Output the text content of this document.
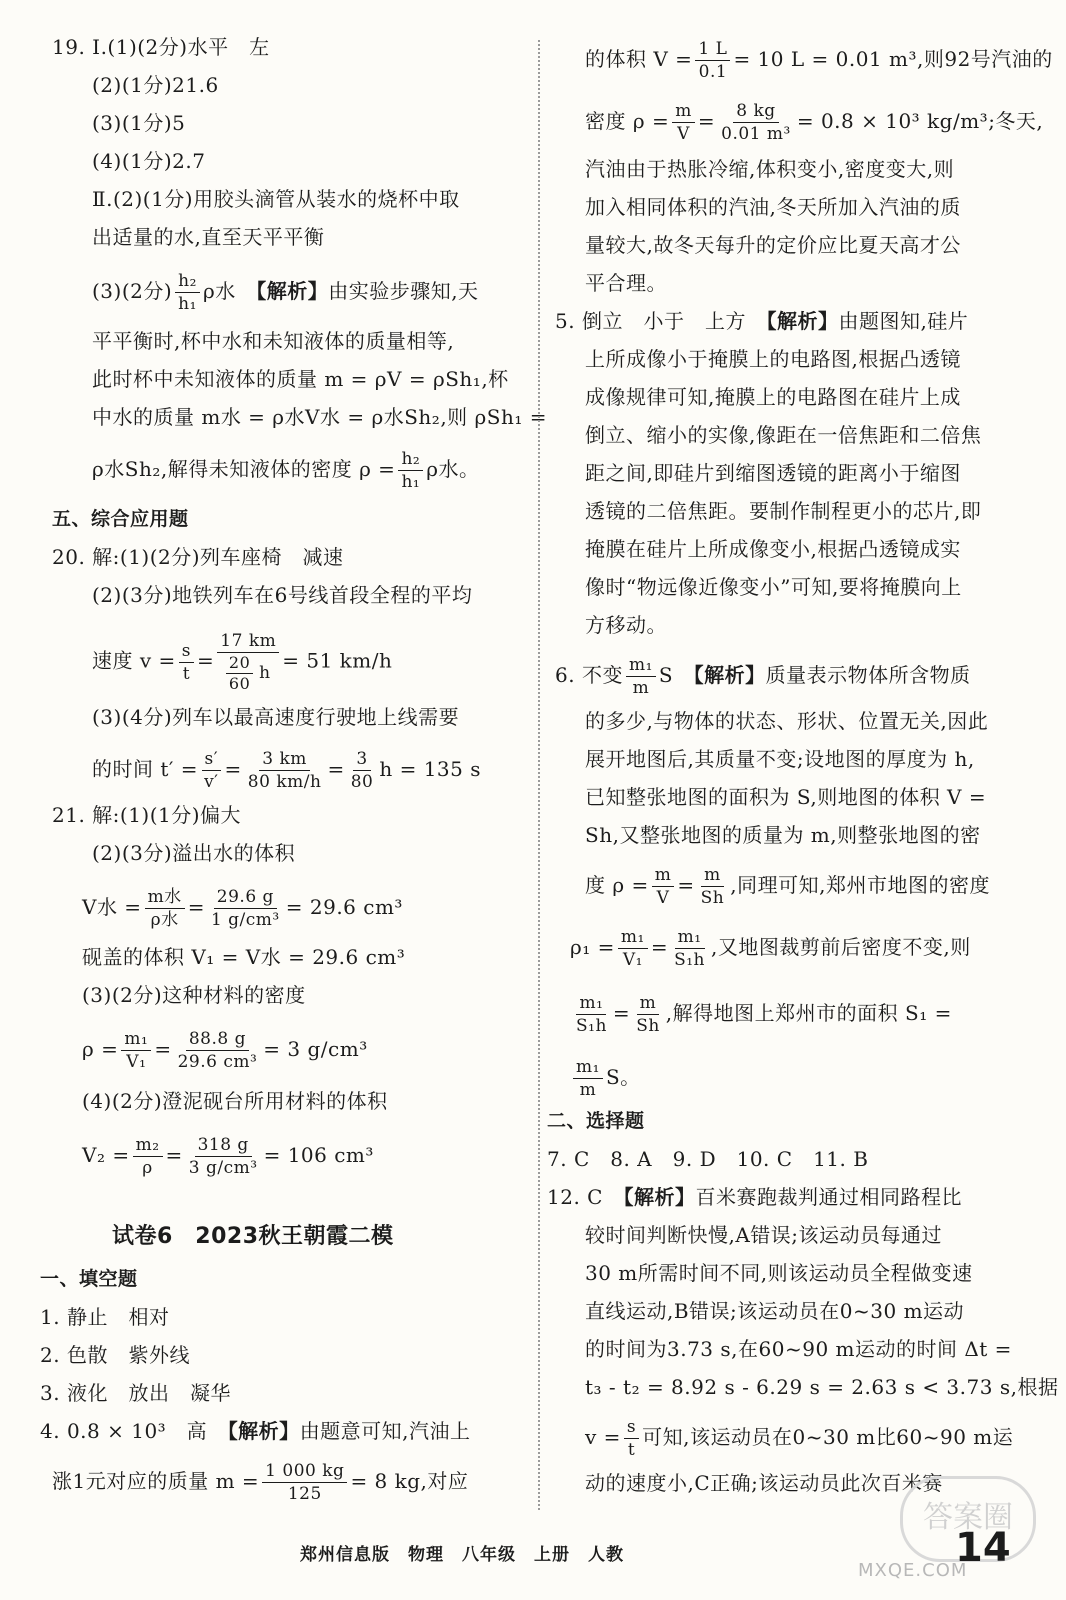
19. Ⅰ.(1)(2分)水平　左
(2)(1分)21.6
(3)(1分)5
(4)(1分)2.7
Ⅱ.(2)(1分)用胶头滴管从装水的烧杯中取
出适量的水,直至天平平衡
(3)(2分) $\frac{\text{h₂}}{\text{h₁}}$ ρ水　 【解析】由实验步骤知,天
平平衡时,杯中水和未知液体的质量相等,
此时杯中未知液体的质量 m = ρV = ρSh₁,杯
中水的质量 m水 = ρ水V水 = ρ水Sh₂,则 ρSh₁ =
ρ水Sh₂,解得未知液体的密度 $\rho = \frac{\text{h₂}}{\text{h₁}}$ ρ水。
五、综合应用题
20. 解:(1)(2分)列车座椅　减速
(2)(3分)地铁列车在6号线首段全程的平均
速度 $v = \frac{s}{t} = \frac{17 km}{\frac{20}{60} h} = 51$ km/h
(3)(4分)列车以最高速度行驶地上线需要
的时间 $t' = \frac{s'}{v'} = \frac{3 km}{80 km/h} = \frac{3}{80}$ h = 135 s
21. 解:(1)(1分)偏大
(2)(3分)溢出水的体积
V水 = $\frac{\text{m水}}{\text{ρ水}} = \frac{29.6 g}{\text{1 g/cm³}} = 29.6$ cm³
砚盖的体积 V₁ = V水 = 29.6 cm³
(3)(2分)这种材料的密度
$\rho = \frac{\text{m₁}}{\text{V₁}} = \frac{88.8 g}{\text{29.6 cm³}} = 3$ g/cm³
(4)(2分)澄泥砚台所用材料的体积
$V_2 = \frac{\text{m₂}}{\rho} = \frac{318 g}{\text{3 g/cm³}} = 106$ cm³
试卷6　2023秋王朝霞二模
一、填空题
1. 静止　相对
2. 色散　紫外线
3. 液化　放出　凝华
4. 0.8 × 10³　高　 【解析】由题意可知,汽油上
涨1元对应的质量 $m = \frac{1 000 kg}{125} = 8$ kg,对应
的体积 $V = \frac{1 L}{0.1} = 10$ L = 0.01 m³,则92号汽油的
密度 $\rho = \frac{m}{V} = \frac{8 kg}{\text{0.01 m³}} = 0.8 \times 10^3$ kg/m³;冬天,
汽油由于热胀冷缩,体积变小,密度变大,则
加入相同体积的汽油,冬天所加入汽油的质
量较大,故冬天每升的定价应比夏天高才公
平合理。
5. 倒立　小于　上方　 【解析】由题图知,硅片
上所成像小于掩膜上的电路图,根据凸透镜
成像规律可知,掩膜上的电路图在硅片上成
倒立、缩小的实像,像距在一倍焦距和二倍焦
距之间,即硅片到缩图透镜的距离小于缩图
透镜的二倍焦距。要制作制程更小的芯片,即
掩膜在硅片上所成像变小,根据凸透镜成实
像时“物远像近像变小”可知,要将掩膜向上
方移动。
6. 不变 $\frac{\text{m₁}}{m}$ S　 【解析】质量表示物体所含物质
的多少,与物体的状态、形状、位置无关,因此
展开地图后,其质量不变;设地图的厚度为 h,
已知整张地图的面积为 S,则地图的体积 V =
Sh,又整张地图的质量为 m,则整张地图的密
度 $\rho = \frac{m}{V} = \frac{m}{Sh}$ ,同理可知,郑州市地图的密度
$\rho_1 = \frac{\text{m₁}}{\text{V₁}} = \frac{\text{m₁}}{\text{S₁h}}$ ,又地图裁剪前后密度不变,则
$\frac{\text{m₁}}{\text{S₁h}} = \frac{m}{Sh}$ ,解得地图上郑州市的面积 S₁ =
$\frac{\text{m₁}}{m}$ S。
二、选择题
7. C　8. A　9. D　10. C　11. B
12. C　 【解析】百米赛跑裁判通过相同路程比
较时间判断快慢,A错误;该运动员每通过
30 m所需时间不同,则该运动员全程做变速
直线运动,B错误;该运动员在0~30 m运动
的时间为3.73 s,在60~90 m运动的时间 Δt =
t₃ - t₂ = 8.92 s - 6.29 s = 2.63 s < 3.73 s,根据
$v = \frac{s}{t}$ 可知,该运动员在0~30 m比60~90 m运
动的速度小,C正确;该运动员此次百米赛
答案圈
郑州信息版　物理　八年级　上册　人教	14
MXQE.COM
